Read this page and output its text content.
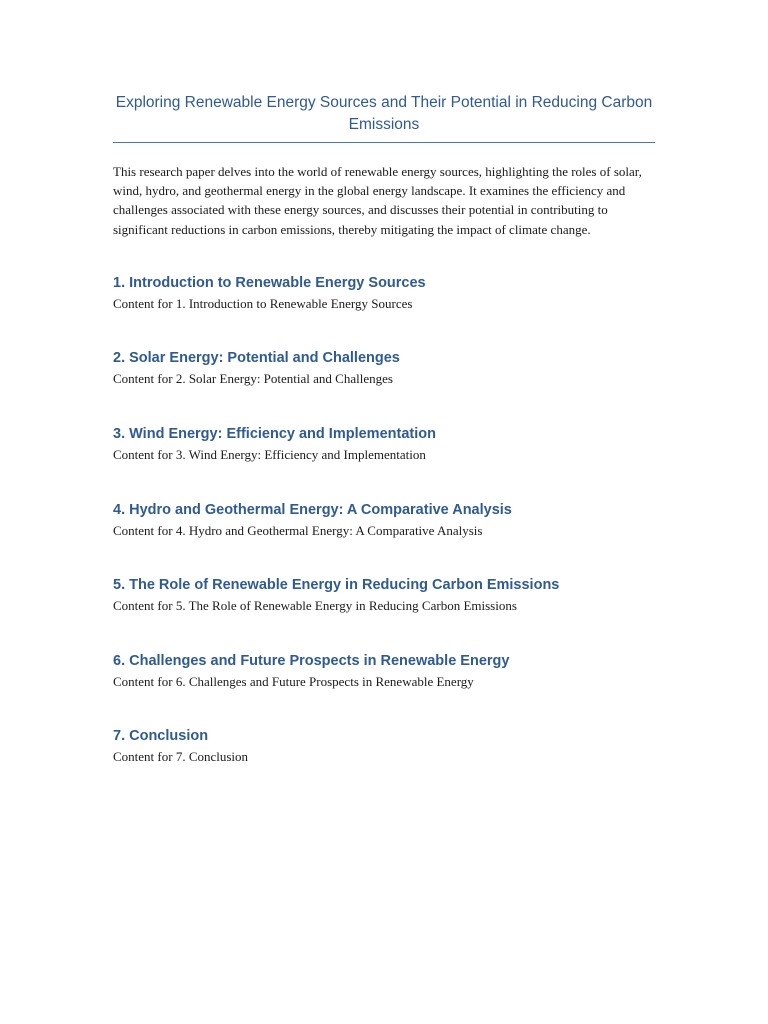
Exploring Renewable Energy Sources and Their Potential in Reducing Carbon Emissions

This research paper delves into the world of renewable energy sources, highlighting the roles of solar, wind, hydro, and geothermal energy in the global energy landscape. It examines the efficiency and challenges associated with these energy sources, and discusses their potential in contributing to significant reductions in carbon emissions, thereby mitigating the impact of climate change.

1. Introduction to Renewable Energy Sources

Content for 1. Introduction to Renewable Energy Sources

2. Solar Energy: Potential and Challenges

Content for 2. Solar Energy: Potential and Challenges

3. Wind Energy: Efficiency and Implementation

Content for 3. Wind Energy: Efficiency and Implementation

4. Hydro and Geothermal Energy: A Comparative Analysis

Content for 4. Hydro and Geothermal Energy: A Comparative Analysis

5. The Role of Renewable Energy in Reducing Carbon Emissions

Content for 5. The Role of Renewable Energy in Reducing Carbon Emissions

6. Challenges and Future Prospects in Renewable Energy

Content for 6. Challenges and Future Prospects in Renewable Energy

7. Conclusion

Content for 7. Conclusion
